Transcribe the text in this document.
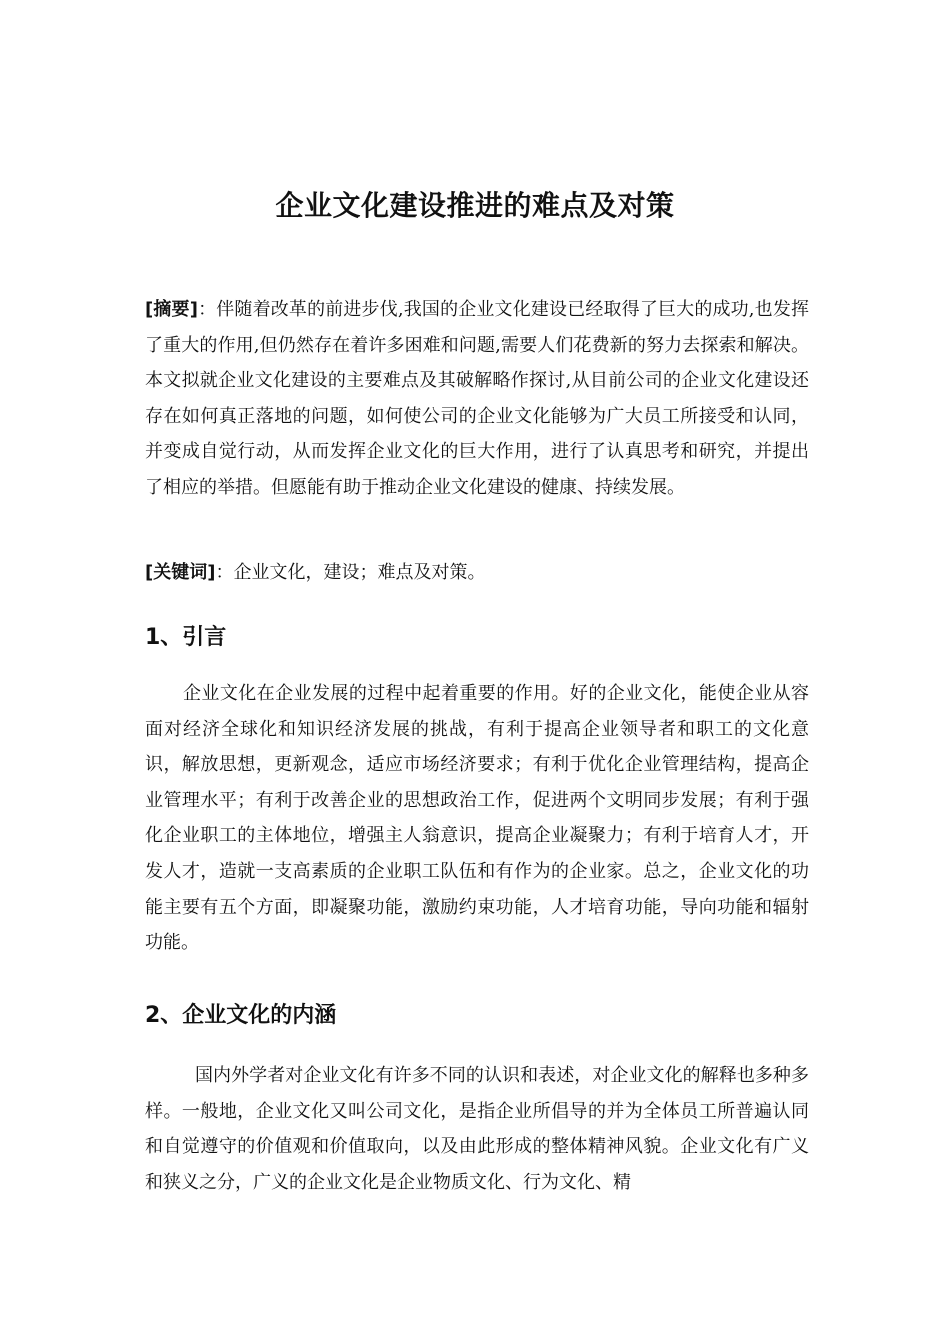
企业文化建设推进的难点及对策
[摘要]：伴随着改革的前进步伐,我国的企业文化建设已经取得了巨大的成功,也发挥了重大的作用,但仍然存在着许多困难和问题,需要人们花费新的努力去探索和解决。本文拟就企业文化建设的主要难点及其破解略作探讨,从目前公司的企业文化建设还存在如何真正落地的问题，如何使公司的企业文化能够为广大员工所接受和认同，并变成自觉行动，从而发挥企业文化的巨大作用，进行了认真思考和研究，并提出了相应的举措。但愿能有助于推动企业文化建设的健康、持续发展。
[关键词]：企业文化，建设；难点及对策。
1、引言
企业文化在企业发展的过程中起着重要的作用。好的企业文化，能使企业从容面对经济全球化和知识经济发展的挑战，有利于提高企业领导者和职工的文化意识，解放思想，更新观念，适应市场经济要求；有利于优化企业管理结构，提高企业管理水平；有利于改善企业的思想政治工作，促进两个文明同步发展；有利于强化企业职工的主体地位，增强主人翁意识，提高企业凝聚力；有利于培育人才，开发人才，造就一支高素质的企业职工队伍和有作为的企业家。总之，企业文化的功能主要有五个方面，即凝聚功能，激励约束功能，人才培育功能，导向功能和辐射功能。
2、企业文化的内涵
国内外学者对企业文化有许多不同的认识和表述，对企业文化的解释也多种多样。一般地，企业文化又叫公司文化，是指企业所倡导的并为全体员工所普遍认同和自觉遵守的价值观和价值取向，以及由此形成的整体精神风貌。企业文化有广义和狭义之分，广义的企业文化是企业物质文化、行为文化、精
